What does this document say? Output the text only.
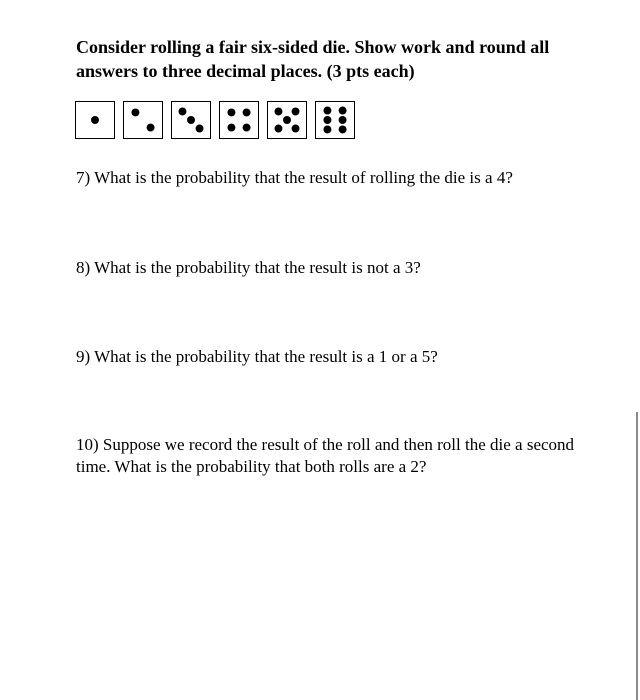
Consider rolling a fair six-sided die. Show work and round all answers to three decimal places. (3 pts each)
7) What is the probability that the result of rolling the die is a 4?
8) What is the probability that the result is not a 3?
9) What is the probability that the result is a 1 or a 5?
10) Suppose we record the result of the roll and then roll the die a second time. What is the probability that both rolls are a 2?
